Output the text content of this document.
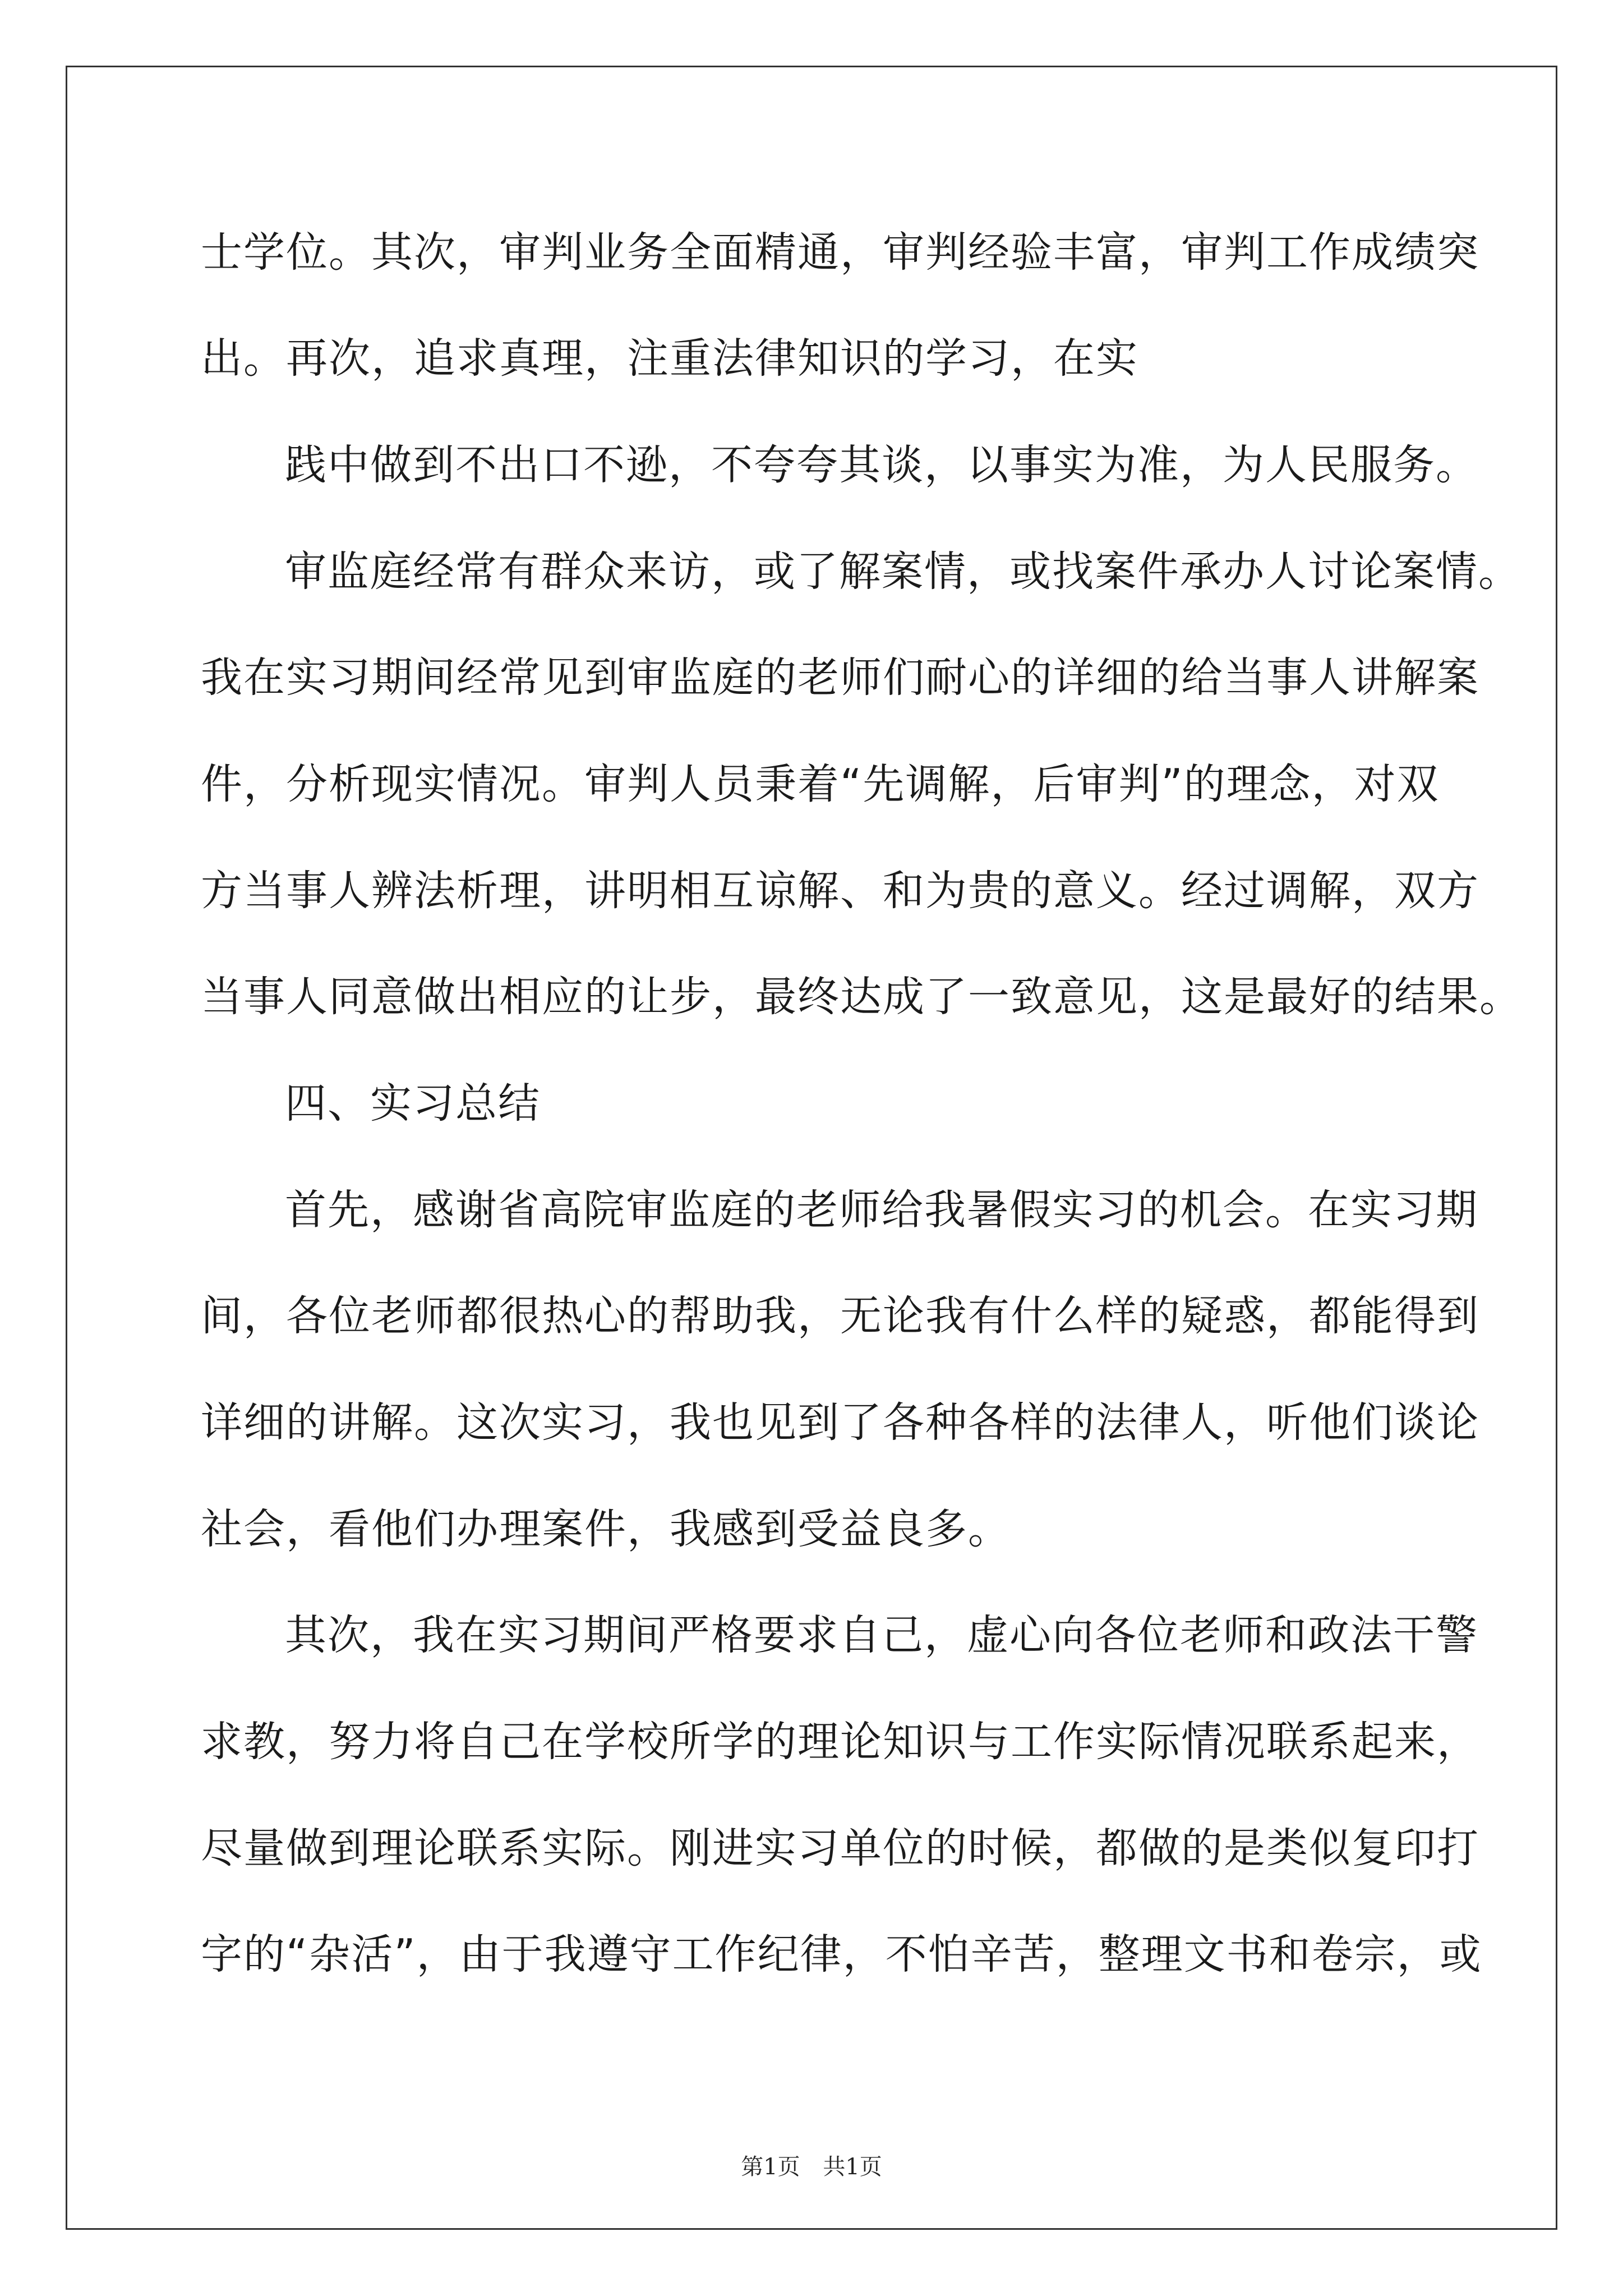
士学位。其次，审判业务全面精通，审判经验丰富，审判工作成绩突
出。再次，追求真理，注重法律知识的学习，在实
践中做到不出口不逊，不夸夸其谈，以事实为准，为人民服务。
审监庭经常有群众来访，或了解案情，或找案件承办人讨论案情。
我在实习期间经常见到审监庭的老师们耐心的详细的给当事人讲解案
件，分析现实情况。审判人员秉着“先调解，后审判”的理念，对双
方当事人辨法析理，讲明相互谅解、和为贵的意义。经过调解，双方
当事人同意做出相应的让步，最终达成了一致意见，这是最好的结果。
四、实习总结
首先，感谢省高院审监庭的老师给我暑假实习的机会。在实习期
间，各位老师都很热心的帮助我，无论我有什么样的疑惑，都能得到
详细的讲解。这次实习，我也见到了各种各样的法律人，听他们谈论
社会，看他们办理案件，我感到受益良多。
其次，我在实习期间严格要求自己，虚心向各位老师和政法干警
求教，努力将自己在学校所学的理论知识与工作实际情况联系起来，
尽量做到理论联系实际。刚进实习单位的时候，都做的是类似复印打
字的“杂活”，由于我遵守工作纪律，不怕辛苦，整理文书和卷宗，或
第1页 共1页
